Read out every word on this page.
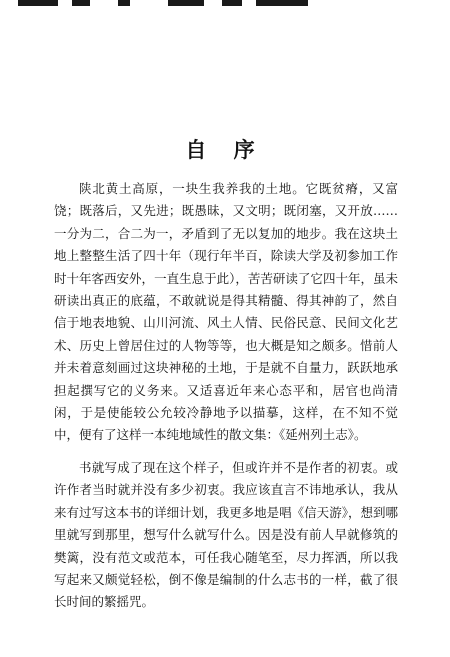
自 序

陕北黄土高原，一块生我养我的土地。它既贫瘠，又富饶；既落后，又先进；既愚昧，又文明；既闭塞，又开放……一分为二，合二为一，矛盾到了无以复加的地步。我在这块土地上整整生活了四十年（现行年半百，除读大学及初参加工作时十年客西安外，一直生息于此），苦苦研读了它四十年，虽未研读出真正的底蕴，不敢就说是得其精髓、得其神韵了，然自信于地表地貌、山川河流、风土人情、民俗民意、民间文化艺术、历史上曾居住过的人物等等，也大概是知之颇多。惜前人并未着意刻画过这块神秘的土地，于是就不自量力，跃跃地承担起撰写它的义务来。又适喜近年来心态平和，居官也尚清闲，于是使能较公允较冷静地予以描摹，这样，在不知不觉中，便有了这样一本纯地域性的散文集：《延州列土志》。

书就写成了现在这个样子，但或许并不是作者的初衷。或许作者当时就并没有多少初衷。我应该直言不讳地承认，我从来有过写这本书的详细计划，我更多地是唱《信天游》，想到哪里就写到那里，想写什么就写什么。因是没有前人早就修筑的樊篱，没有范文或范本，可任我心随笔至，尽力挥洒，所以我写起来又颇觉轻松，倒不像是编制的什么志书的一样，截了很长时间的繁摇咒。
